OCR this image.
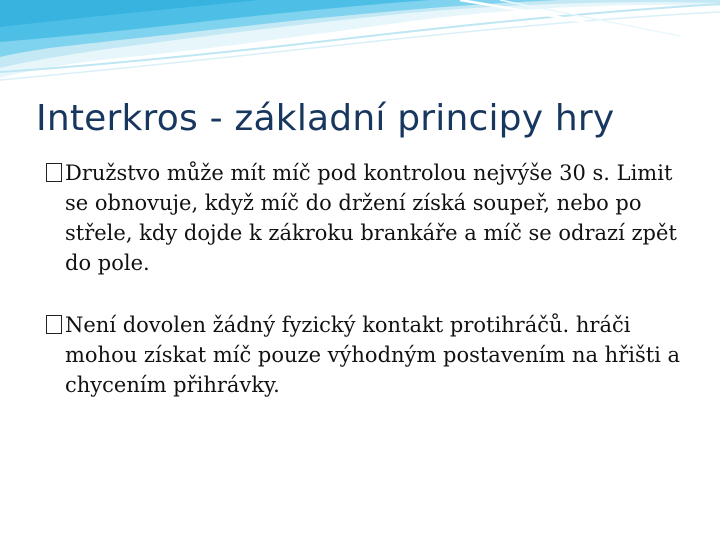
Interkros - základní principy hry
Družstvo může mít míč pod kontrolou nejvýše 30 s. Limit se obnovuje, když míč do držení získá soupeř, nebo po střele, kdy dojde k zákroku brankáře a míč se odrazí zpět do pole.
Není dovolen žádný fyzický kontakt protihráčů. hráči mohou získat míč pouze výhodným postavením na hřišti a chycením přihrávky.
